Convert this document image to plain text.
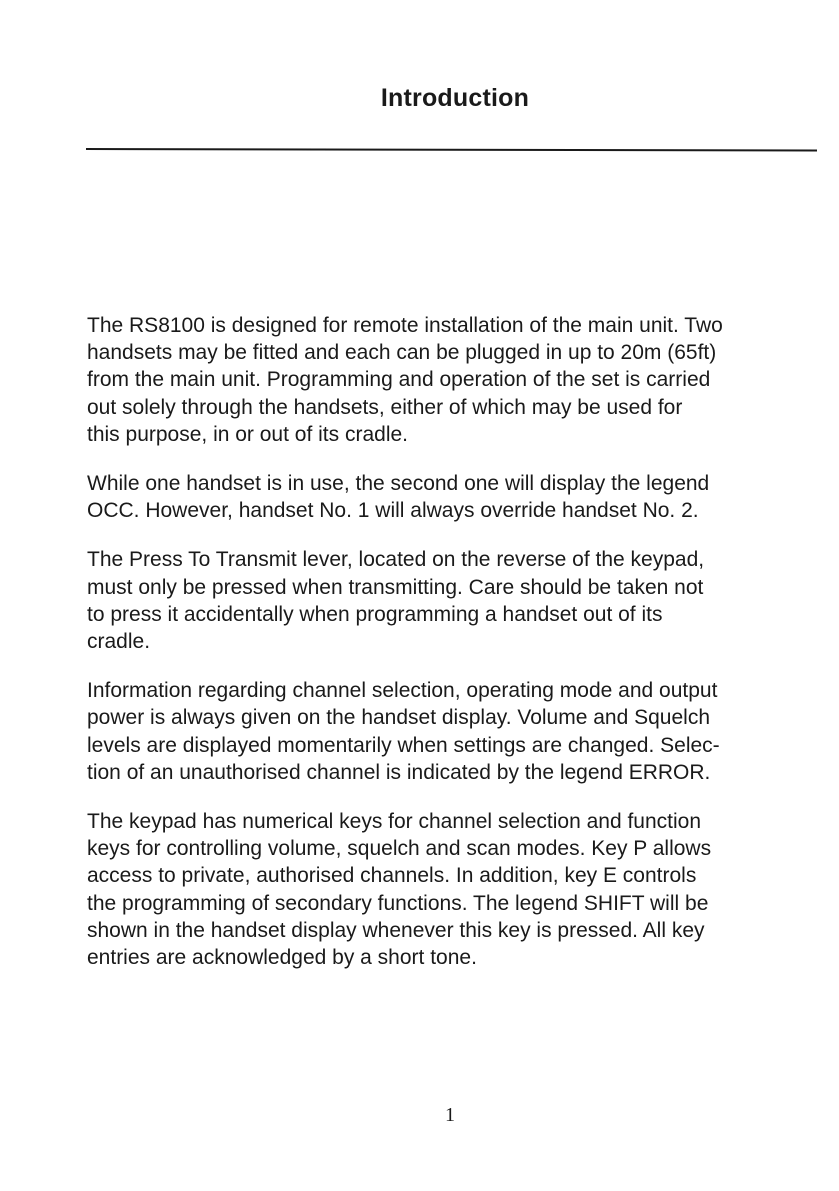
Introduction

The RS8100 is designed for remote installation of the main unit. Two
handsets may be fitted and each can be plugged in up to 20m (65ft)
from the main unit. Programming and operation of the set is carried
out solely through the handsets, either of which may be used for
this purpose, in or out of its cradle.

While one handset is in use, the second one will display the legend
OCC. However, handset No. 1 will always override handset No. 2.

The Press To Transmit lever, located on the reverse of the keypad,
must only be pressed when transmitting. Care should be taken not
to press it accidentally when programming a handset out of its
cradle.

Information regarding channel selection, operating mode and output
power is always given on the handset display. Volume and Squelch
levels are displayed momentarily when settings are changed. Selec-
tion of an unauthorised channel is indicated by the legend ERROR.

The keypad has numerical keys for channel selection and function
keys for controlling volume, squelch and scan modes. Key P allows
access to private, authorised channels. In addition, key E controls
the programming of secondary functions. The legend SHIFT will be
shown in the handset display whenever this key is pressed. All key
entries are acknowledged by a short tone.

1
